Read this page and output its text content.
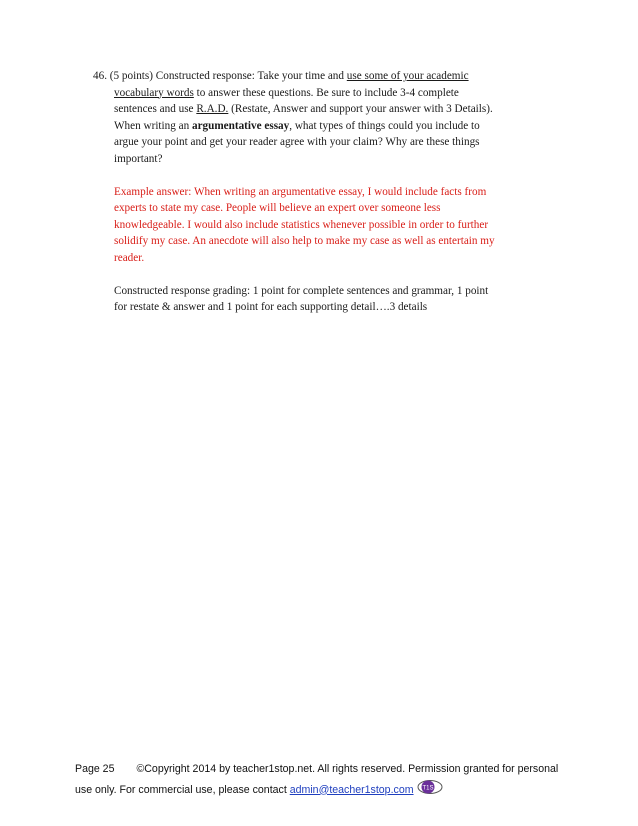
46. (5 points) Constructed response: Take your time and use some of your academic
vocabulary words to answer these questions. Be sure to include 3-4 complete
sentences and use R.A.D. (Restate, Answer and support your answer with 3 Details).
When writing an argumentative essay, what types of things could you include to
argue your point and get your reader agree with your claim? Why are these things
important?
Example answer: When writing an argumentative essay, I would include facts from
experts to state my case. People will believe an expert over someone less
knowledgeable. I would also include statistics whenever possible in order to further
solidify my case. An anecdote will also help to make my case as well as entertain my
reader.
Constructed response grading: 1 point for complete sentences and grammar, 1 point
for restate & answer and 1 point for each supporting detail….3 details
Page 25 ©Copyright 2014 by teacher1stop.net. All rights reserved. Permission granted for personal
use only. For commercial use, please contact admin@teacher1stop.com T1S
